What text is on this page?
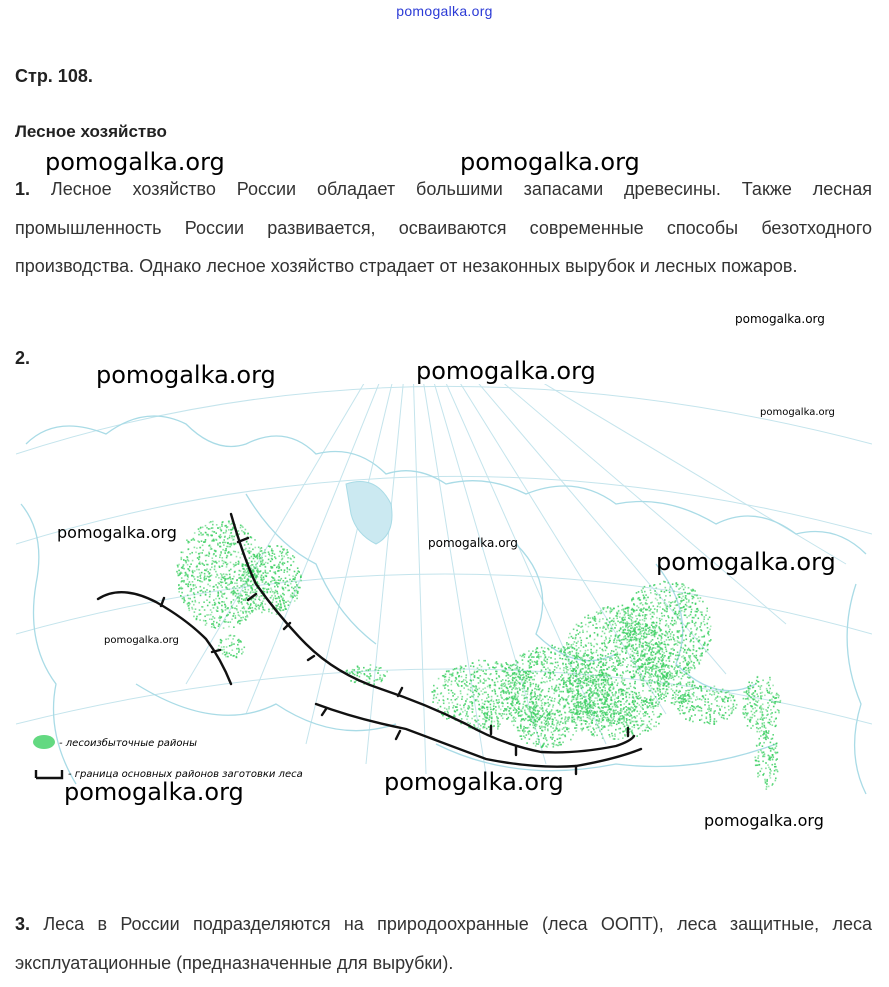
pomogalka.org
Стр. 108.
Лесное хозяйство
1. Лесное хозяйство России обладает большими запасами древесины. Также лесная промышленность России развивается, осваиваются современные способы безотходного производства. Однако лесное хозяйство страдает от незаконных вырубок и лесных пожаров.
2.
- лесоизбыточные районы
- граница основных районов заготовки леса
pomogalka.org	pomogalka.org
pomogalka.org
pomogalka.org	pomogalka.org
pomogalka.org
pomogalka.org
pomogalka.org
pomogalka.org
pomogalka.org
pomogalka.org
pomogalka.org
pomogalka.org
3. Леса в России подразделяются на природоохранные (леса ООПТ), леса защитные, леса эксплуатационные (предназначенные для вырубки).
